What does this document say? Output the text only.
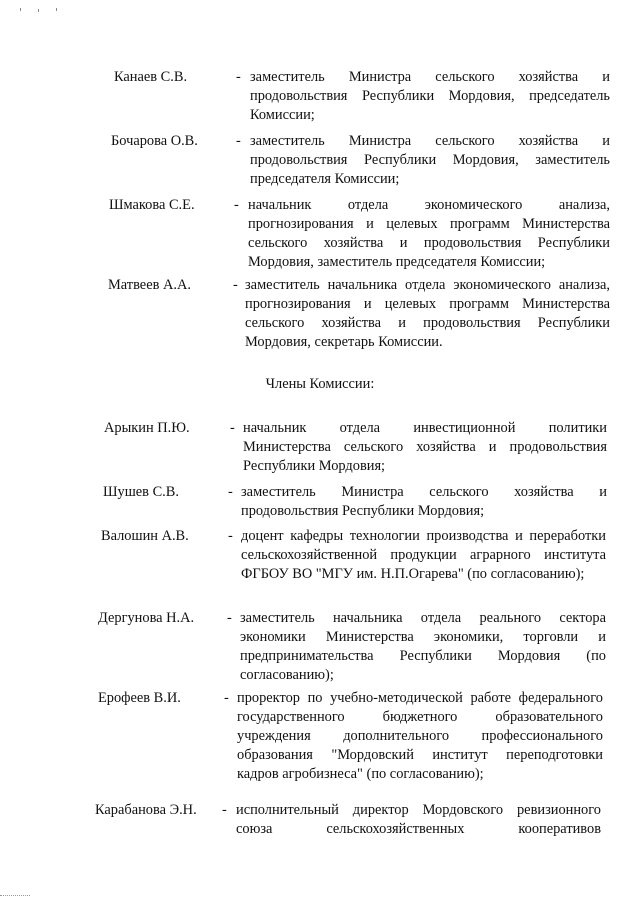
Канаев С.В.	- заместитель Министра сельского хозяйства и продовольствия Республики Мордовия, председатель Комиссии;
Бочарова О.В.	- заместитель Министра сельского хозяйства и продовольствия Республики Мордовия, заместитель председателя Комиссии;
Шмакова С.Е.	- начальник отдела экономического анализа, прогнозирования и целевых программ Министерства сельского хозяйства и продовольствия Республики Мордовия, заместитель председателя Комиссии;
Матвеев А.А.	- заместитель начальника отдела экономического анализа, прогнозирования и целевых программ Министерства сельского хозяйства и продовольствия Республики Мордовия, секретарь Комиссии.
Члены Комиссии:
Арыкин П.Ю.	- начальник отдела инвестиционной политики Министерства сельского хозяйства и продовольствия Республики Мордовия;
Шушев С.В.	- заместитель Министра сельского хозяйства и продовольствия Республики Мордовия;
Валошин А.В.	- доцент кафедры технологии производства и переработки сельскохозяйственной продукции аграрного института ФГБОУ ВО "МГУ им. Н.П.Огарева" (по согласованию);
Дергунова Н.А. - заместитель начальника отдела реального сектора экономики Министерства экономики, торговли и предпринимательства Республики Мордовия (по согласованию);
Ерофеев В.И.	- проректор по учебно-методической работе федерального государственного бюджетного образовательного учреждения дополнительного профессионального образования "Мордовский институт переподготовки кадров агробизнеса" (по согласованию);
Карабанова Э.Н. - исполнительный директор Мордовского ревизионного союза сельскохозяйственных кооперативов
